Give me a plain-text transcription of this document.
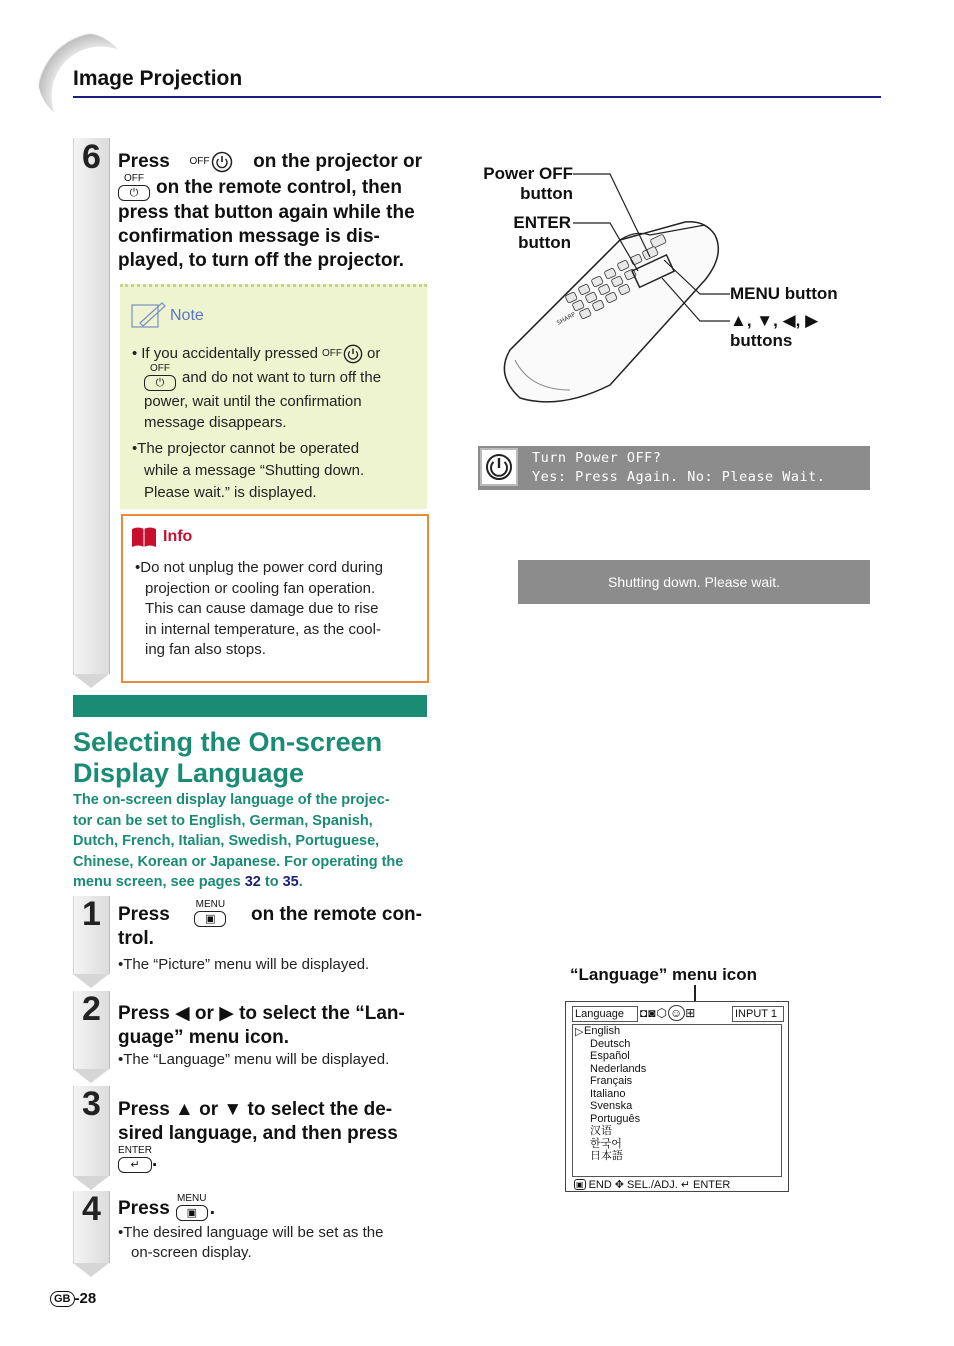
Image Projection
6 Press OFF on the projector or
OFF
⏻ on the remote control, then
press that button again while the
confirmation message is dis-
played, to turn off the projector.
Note
• If you accidentally pressed OFF or
OFF
⏻	and do not want to turn off the
power, wait until the confirmation
message disappears.
•The projector cannot be operated
while a message “Shutting down.
Please wait.” is displayed.
Info
•Do not unplug the power cord during
projection or cooling fan operation.
This can cause damage due to rise
in internal temperature, as the cool-
ing fan also stops.
SHARP
Power OFF
button
ENTER
button
MENU button
▲, ▼, ◀, ▶
buttons
Turn Power OFF?
Yes: Press Again. No: Please Wait.
Shutting down. Please wait.
Selecting the On-screen
Display Language
The on-screen display language of the projec-
tor can be set to English, German, Spanish,
Dutch, French, Italian, Swedish, Portuguese,
Chinese, Korean or Japanese. For operating the
menu screen, see pages 32 to 35.
1 Press	MENU
▣	on the remote con-
trol.
•The “Picture” menu will be displayed.
2 Press ◀ or ▶ to select the “Lan-
guage” menu icon.
•The “Language” menu will be displayed.
3 Press ▲ or ▼ to select the de-
sired language, and then press
ENTER
↵ .
4 Press MENU
▣ .
•The desired language will be set as the
on-screen display.
“Language” menu icon
Language	◘◙⬡ ☺ ⊞	INPUT 1
▷ English
Deutsch
Español
Nederlands
Français
Italiano
Svenska
Português
汉语
한국어
日本語
▣ END ✥ SEL./ADJ. ↵ ENTER
GB -28
